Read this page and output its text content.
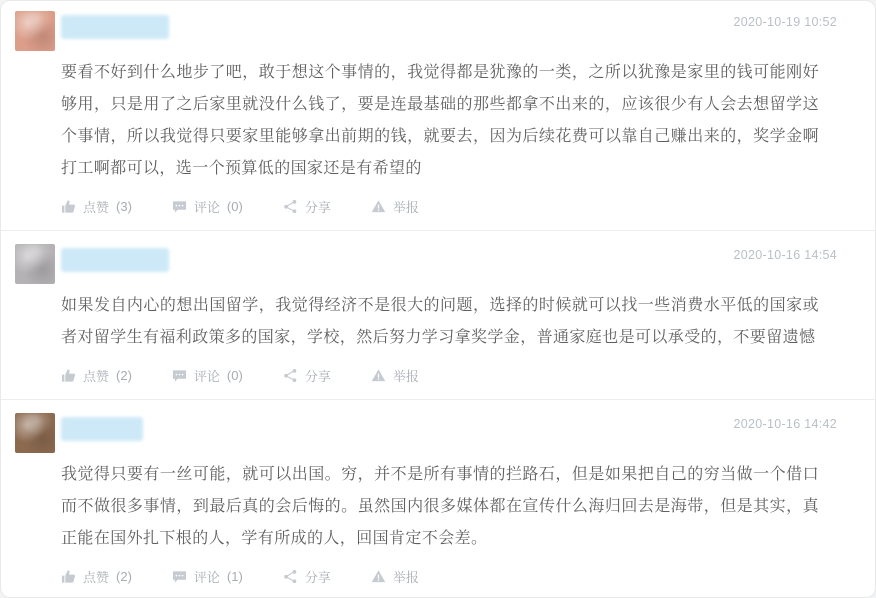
2020-10-19 10:52

要看不好到什么地步了吧，敢于想这个事情的，我觉得都是犹豫的一类，之所以犹豫是家里的钱可能刚好够用，只是用了之后家里就没什么钱了，要是连最基础的那些都拿不出来的，应该很少有人会去想留学这个事情，所以我觉得只要家里能够拿出前期的钱，就要去，因为后续花费可以靠自己赚出来的，奖学金啊打工啊都可以，选一个预算低的国家还是有希望的

点赞 (3)	评论 (0)	分享	举报
2020-10-16 14:54

如果发自内心的想出国留学，我觉得经济不是很大的问题，选择的时候就可以找一些消费水平低的国家或者对留学生有福利政策多的国家，学校，然后努力学习拿奖学金，普通家庭也是可以承受的，不要留遗憾

点赞 (2)	评论 (0)	分享	举报
2020-10-16 14:42

我觉得只要有一丝可能，就可以出国。穷，并不是所有事情的拦路石，但是如果把自己的穷当做一个借口而不做很多事情，到最后真的会后悔的。虽然国内很多媒体都在宣传什么海归回去是海带，但是其实，真正能在国外扎下根的人，学有所成的人，回国肯定不会差。

点赞 (2)	评论 (1)	分享	举报
